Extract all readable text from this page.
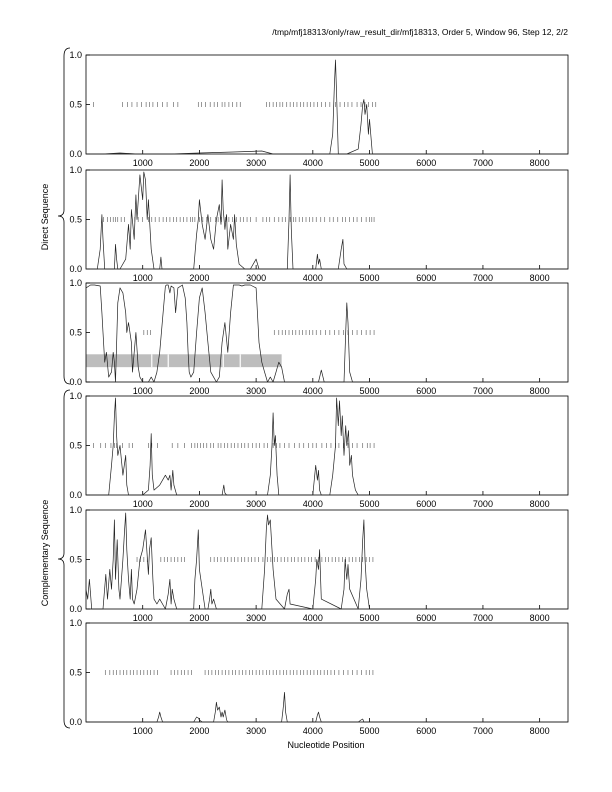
/tmp/mfj18313/only/raw_result_dir/mfj18313, Order 5, Window 96, Step 12, 2/2
0.0
0.5
1.0
1000	2000	3000	4000	5000	6000	7000	8000
0.0
0.5
1.0
1000	2000	3000	4000	5000	6000	7000	8000
0.0
0.5
1.0
1000	2000	3000	4000	5000	6000	7000	8000
0.0
0.5
1.0
1000	2000	3000	4000	5000	6000	7000	8000
0.0
0.5
1.0
1000	2000	3000	4000	5000	6000	7000	8000
0.0
0.5
1.0
1000	2000	3000	4000	5000	6000	7000	8000
Direct Sequence
Complementary Sequence
Nucleotide Position
